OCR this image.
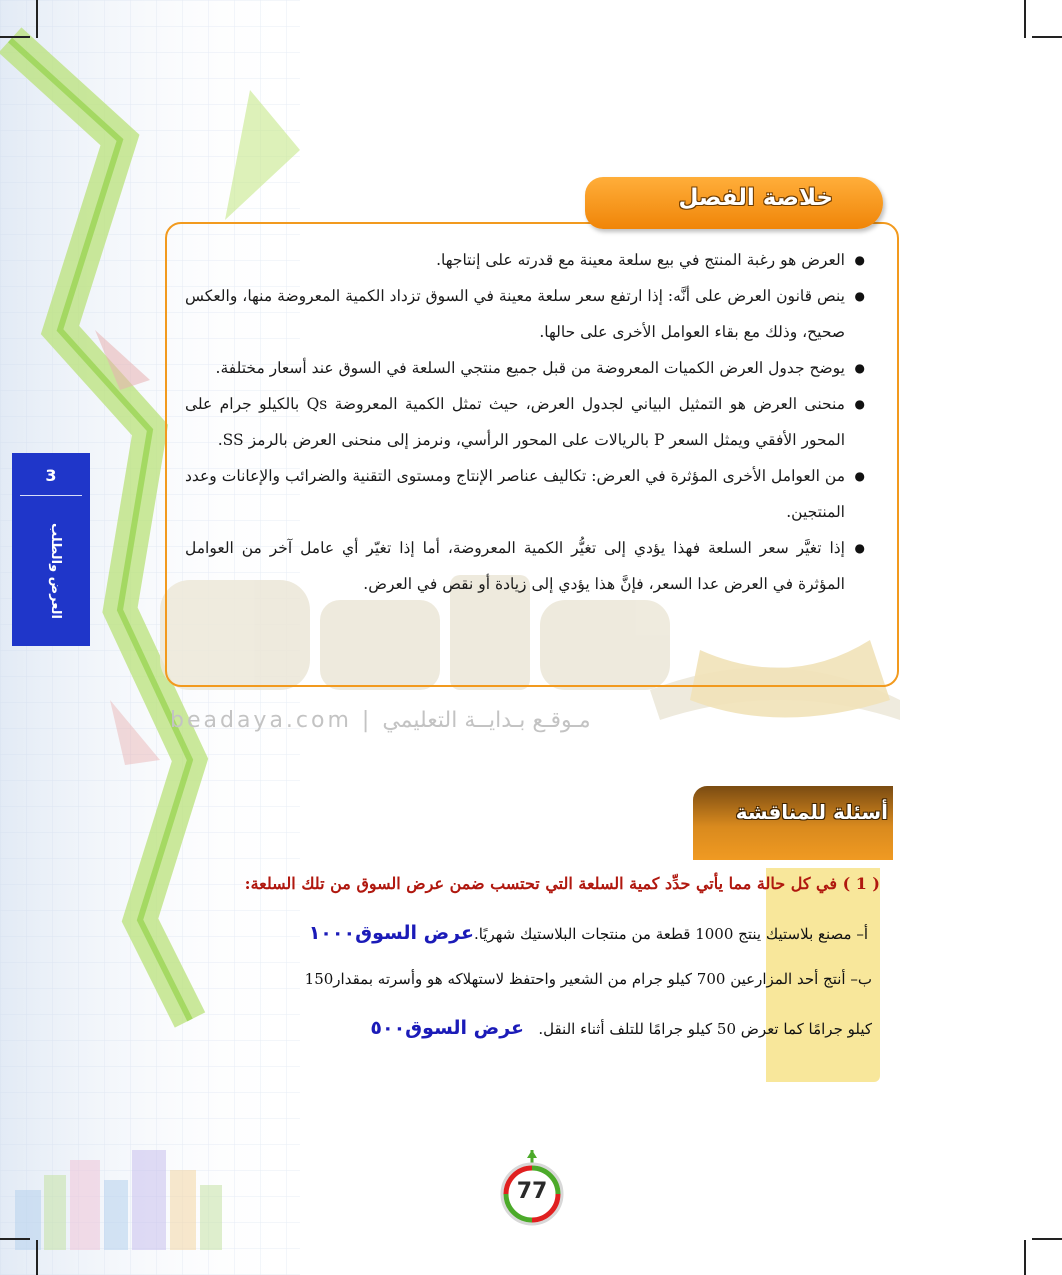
3
العرض والطلب
●
العرض هو رغبة المنتج في بيع سلعة معينة مع قدرته على إنتاجها.
●
ينص قانون العرض على أنَّه: إذا ارتفع سعر سلعة معينة في السوق تزداد الكمية المعروضة منها، والعكس صحيح، وذلك مع بقاء العوامل الأخرى على حالها.
●
يوضح جدول العرض الكميات المعروضة من قبل جميع منتجي السلعة في السوق عند أسعار مختلفة.
●
منحنى العرض هو التمثيل البياني لجدول العرض، حيث تمثل الكمية المعروضة Qs بالكيلو جرام على المحور الأفقي ويمثل السعر P بالريالات على المحور الرأسي، ونرمز إلى منحنى العرض بالرمز SS.
●
من العوامل الأخرى المؤثرة في العرض: تكاليف عناصر الإنتاج ومستوى التقنية والضرائب والإعانات وعدد المنتجين.
●
إذا تغيَّر سعر السلعة فهذا يؤدي إلى تغيُّر الكمية المعروضة، أما إذا تغيّر أي عامل آخر من العوامل المؤثرة في العرض عدا السعر، فإنَّ هذا يؤدي إلى زيادة أو نقص في العرض.
خلاصة الفصل
beadaya.com | مـوقـع بـدايــة التعليمي
أسئلة للمناقشة
( 1 ) في كل حالة مما يأتي حدِّد كمية السلعة التي تحتسب ضمن عرض السوق من تلك السلعة:
أ– مصنع بلاستيك ينتج 1000 قطعة من منتجات البلاستيك شهريًا.عرض السوق١٠٠٠
ب– أنتج أحد المزارعين 700 كيلو جرام من الشعير واحتفظ لاستهلاكه هو وأسرته بمقدار150
كيلو جرامًا كما تعرض 50 كيلو جرامًا للتلف أثناء النقل.   عرض السوق٥٠٠
77
